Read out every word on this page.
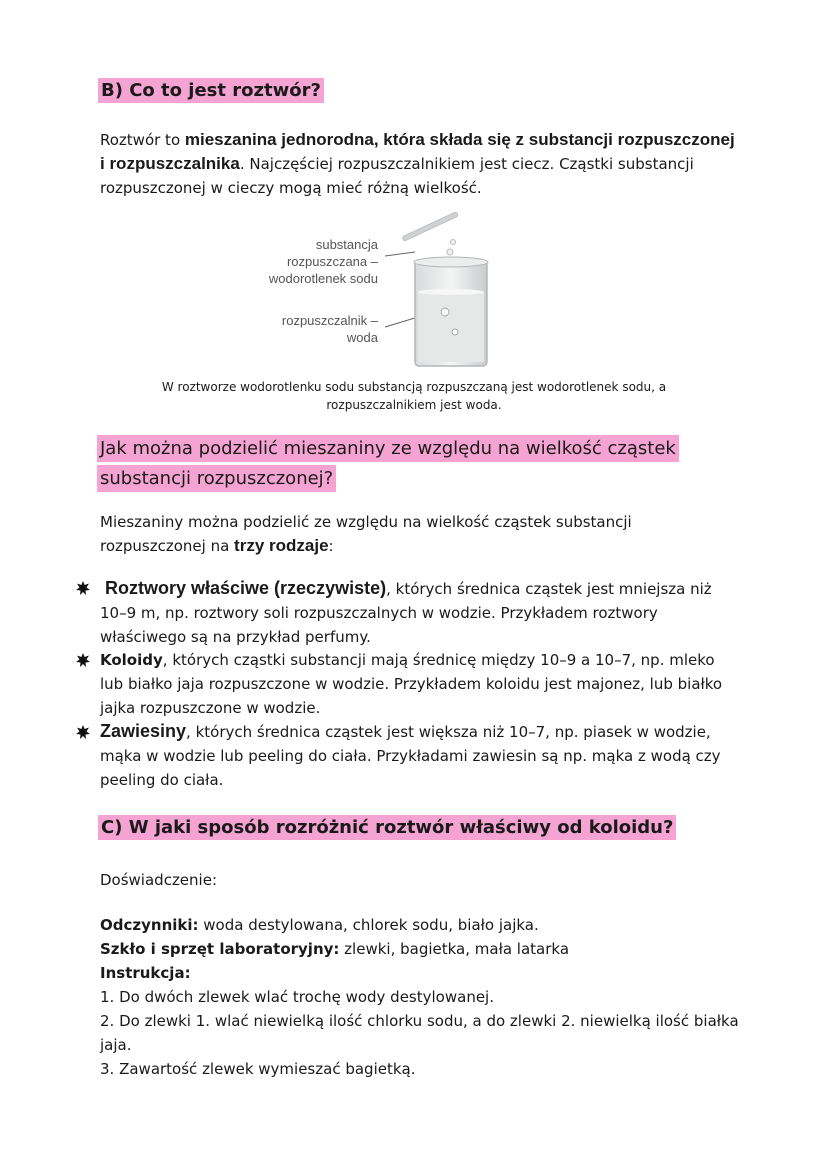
B) Co to jest roztwór?
Roztwór to mieszanina jednorodna, która składa się z substancji rozpuszczonej i rozpuszczalnika. Najczęściej rozpuszczalnikiem jest ciecz. Cząstki substancji rozpuszczonej w cieczy mogą mieć różną wielkość.
substancja
rozpuszczana –
wodorotlenek sodu
rozpuszczalnik –
woda
W roztworze wodorotlenku sodu substancją rozpuszczaną jest wodorotlenek sodu, a
rozpuszczalnikiem jest woda.
Jak można podzielić mieszaniny ze względu na wielkość cząstek
substancji rozpuszczonej?
Mieszaniny można podzielić ze względu na wielkość cząstek substancji rozpuszczonej na trzy rodzaje:
Roztwory właściwe (rzeczywiste), których średnica cząstek jest mniejsza niż 10–9 m, np. roztwory soli rozpuszczalnych w wodzie. Przykładem roztwory właściwego są na przykład perfumy.
Koloidy, których cząstki substancji mają średnicę między 10–9 a 10–7, np. mleko lub białko jaja rozpuszczone w wodzie. Przykładem koloidu jest majonez, lub białko jajka rozpuszczone w wodzie.
Zawiesiny, których średnica cząstek jest większa niż 10–7, np. piasek w wodzie, mąka w wodzie lub peeling do ciała. Przykładami zawiesin są np. mąka z wodą czy peeling do ciała.
C) W jaki sposób rozróżnić roztwór właściwy od koloidu?
Doświadczenie:
Odczynniki: woda destylowana, chlorek sodu, biało jajka.
Szkło i sprzęt laboratoryjny: zlewki, bagietka, mała latarka
Instrukcja:
1. Do dwóch zlewek wlać trochę wody destylowanej.
2. Do zlewki 1. wlać niewielką ilość chlorku sodu, a do zlewki 2. niewielką ilość białka jaja.
3. Zawartość zlewek wymieszać bagietką.
